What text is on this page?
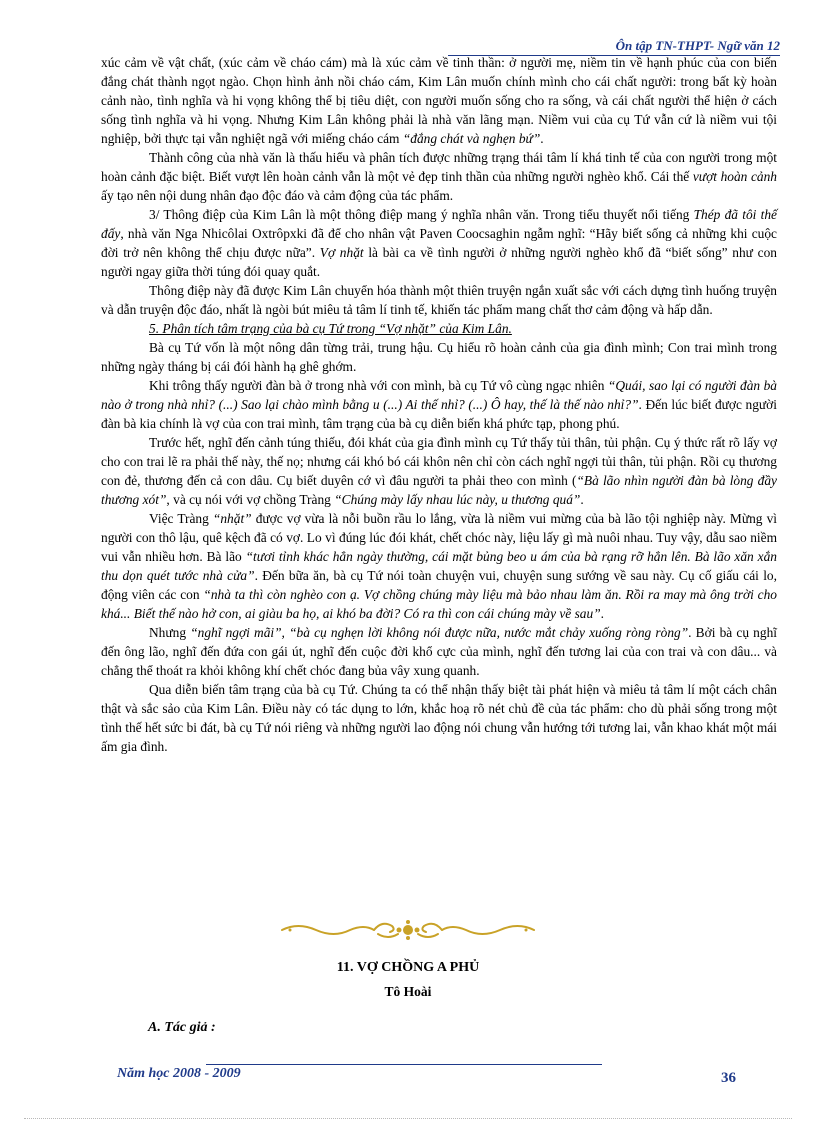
Ôn tập TN-THPT- Ngữ văn 12

xúc cảm về vật chất, (xúc cảm về cháo cám) mà là xúc cảm về tinh thần: ở người mẹ, niềm tin về hạnh phúc của con biến đắng chát thành ngọt ngào. Chọn hình ảnh nồi cháo cám, Kim Lân muốn chính mình cho cái chất người: trong bất kỳ hoàn cảnh nào, tình nghĩa và hi vọng không thể bị tiêu diệt, con người muốn sống cho ra sống, và cái chất người thể hiện ở cách sống tình nghĩa và hi vọng. Nhưng Kim Lân không phải là nhà văn lãng mạn. Niềm vui của cụ Tứ vẫn cứ là niềm vui tội nghiệp, bởi thực tại vẫn nghiệt ngã với miếng cháo cám “đắng chát và nghẹn bứ”.

Thành công của nhà văn là thấu hiểu và phân tích được những trạng thái tâm lí khá tinh tế của con người trong một hoàn cảnh đặc biệt. Biết vượt lên hoàn cảnh vẫn là một vẻ đẹp tinh thần của những người nghèo khổ. Cái thế vượt hoàn cảnh ấy tạo nên nội dung nhân đạo độc đáo và cảm động của tác phẩm.

3/ Thông điệp của Kim Lân là một thông điệp mang ý nghĩa nhân văn. Trong tiểu thuyết nổi tiếng Thép đã tôi thế đấy, nhà văn Nga Nhicôlai Oxtrôpxki đã để cho nhân vật Paven Coocsaghin ngẫm nghĩ: “Hãy biết sống cả những khi cuộc đời trở nên không thể chịu được nữa”. Vợ nhặt là bài ca về tình người ở những người nghèo khổ đã “biết sống” như con người ngay giữa thời túng đói quay quắt.

Thông điệp này đã được Kim Lân chuyển hóa thành một thiên truyện ngắn xuất sắc với cách dựng tình huống truyện và dẫn truyện độc đáo, nhất là ngòi bút miêu tả tâm lí tinh tế, khiến tác phẩm mang chất thơ cảm động và hấp dẫn.

5. Phân tích tâm trạng của bà cụ Tứ trong “Vợ nhặt” của Kim Lân.

Bà cụ Tứ vốn là một nông dân từng trải, trung hậu. Cụ hiểu rõ hoàn cảnh của gia đình mình; Con trai mình trong những ngày tháng bị cái đói hành hạ ghê ghớm.

Khi trông thấy người đàn bà ở trong nhà với con mình, bà cụ Tứ vô cùng ngạc nhiên “Quái, sao lại có người đàn bà nào ở trong nhà nhỉ? (...) Sao lại chào mình bằng u (...) Ai thế nhỉ? (...) Ô hay, thế là thế nào nhỉ?”. Đến lúc biết được người đàn bà kia chính là vợ của con trai mình, tâm trạng của bà cụ diễn biến khá phức tạp, phong phú.

Trước hết, nghĩ đến cảnh túng thiếu, đói khát của gia đình mình cụ Tứ thấy tủi thân, tủi phận. Cụ ý thức rất rõ lấy vợ cho con trai lẽ ra phải thế này, thế nọ; nhưng cái khó bó cái khôn nên chỉ còn cách nghĩ ngợi tủi thân, tủi phận. Rồi cụ thương con đẻ, thương đến cả con dâu. Cụ biết duyên cớ vì đâu người ta phải theo con mình (“Bà lão nhìn người đàn bà lòng đầy thương xót”, và cụ nói với vợ chồng Tràng “Chúng mày lấy nhau lúc này, u thương quá”.

Việc Tràng “nhặt” được vợ vừa là nỗi buồn rầu lo lắng, vừa là niềm vui mừng của bà lão tội nghiệp này. Mừng vì người con thô lậu, quê kệch đã có vợ. Lo vì đúng lúc đói khát, chết chóc này, liệu lấy gì mà nuôi nhau. Tuy vậy, dẫu sao niềm vui vẫn nhiều hơn. Bà lão “tươi tỉnh khác hẳn ngày thường, cái mặt bủng beo u ám của bà rạng rỡ hẳn lên. Bà lão xăn xắn thu dọn quét tước nhà cửa”. Đến bữa ăn, bà cụ Tứ nói toàn chuyện vui, chuyện sung sướng về sau này. Cụ cố giấu cái lo, động viên các con “nhà ta thì còn nghèo con ạ. Vợ chồng chúng mày liệu mà bảo nhau làm ăn. Rồi ra may mà ông trời cho khá... Biết thế nào hở con, ai giàu ba họ, ai khó ba đời? Có ra thì con cái chúng mày về sau”.

Nhưng “nghĩ ngợi mãi”, “bà cụ nghẹn lời không nói được nữa, nước mắt chảy xuống ròng ròng”. Bởi bà cụ nghĩ đến ông lão, nghĩ đến đứa con gái út, nghĩ đến cuộc đời khổ cực của mình, nghĩ đến tương lai của con trai và con dâu... và chẳng thể thoát ra khỏi không khí chết chóc đang bủa vây xung quanh.

Qua diễn biến tâm trạng của bà cụ Tứ. Chúng ta có thể nhận thấy biệt tài phát hiện và miêu tả tâm lí một cách chân thật và sắc sảo của Kim Lân. Điều này có tác dụng to lớn, khắc hoạ rõ nét chủ đề của tác phẩm: cho dù phải sống trong một tình thế hết sức bi đát, bà cụ Tứ nói riêng và những người lao động nói chung vẫn hướng tới tương lai, vẫn khao khát một mái ấm gia đình.

11. VỢ CHỒNG A PHỦ
Tô Hoài
A. Tác giả :
Năm học 2008 - 2009	36
